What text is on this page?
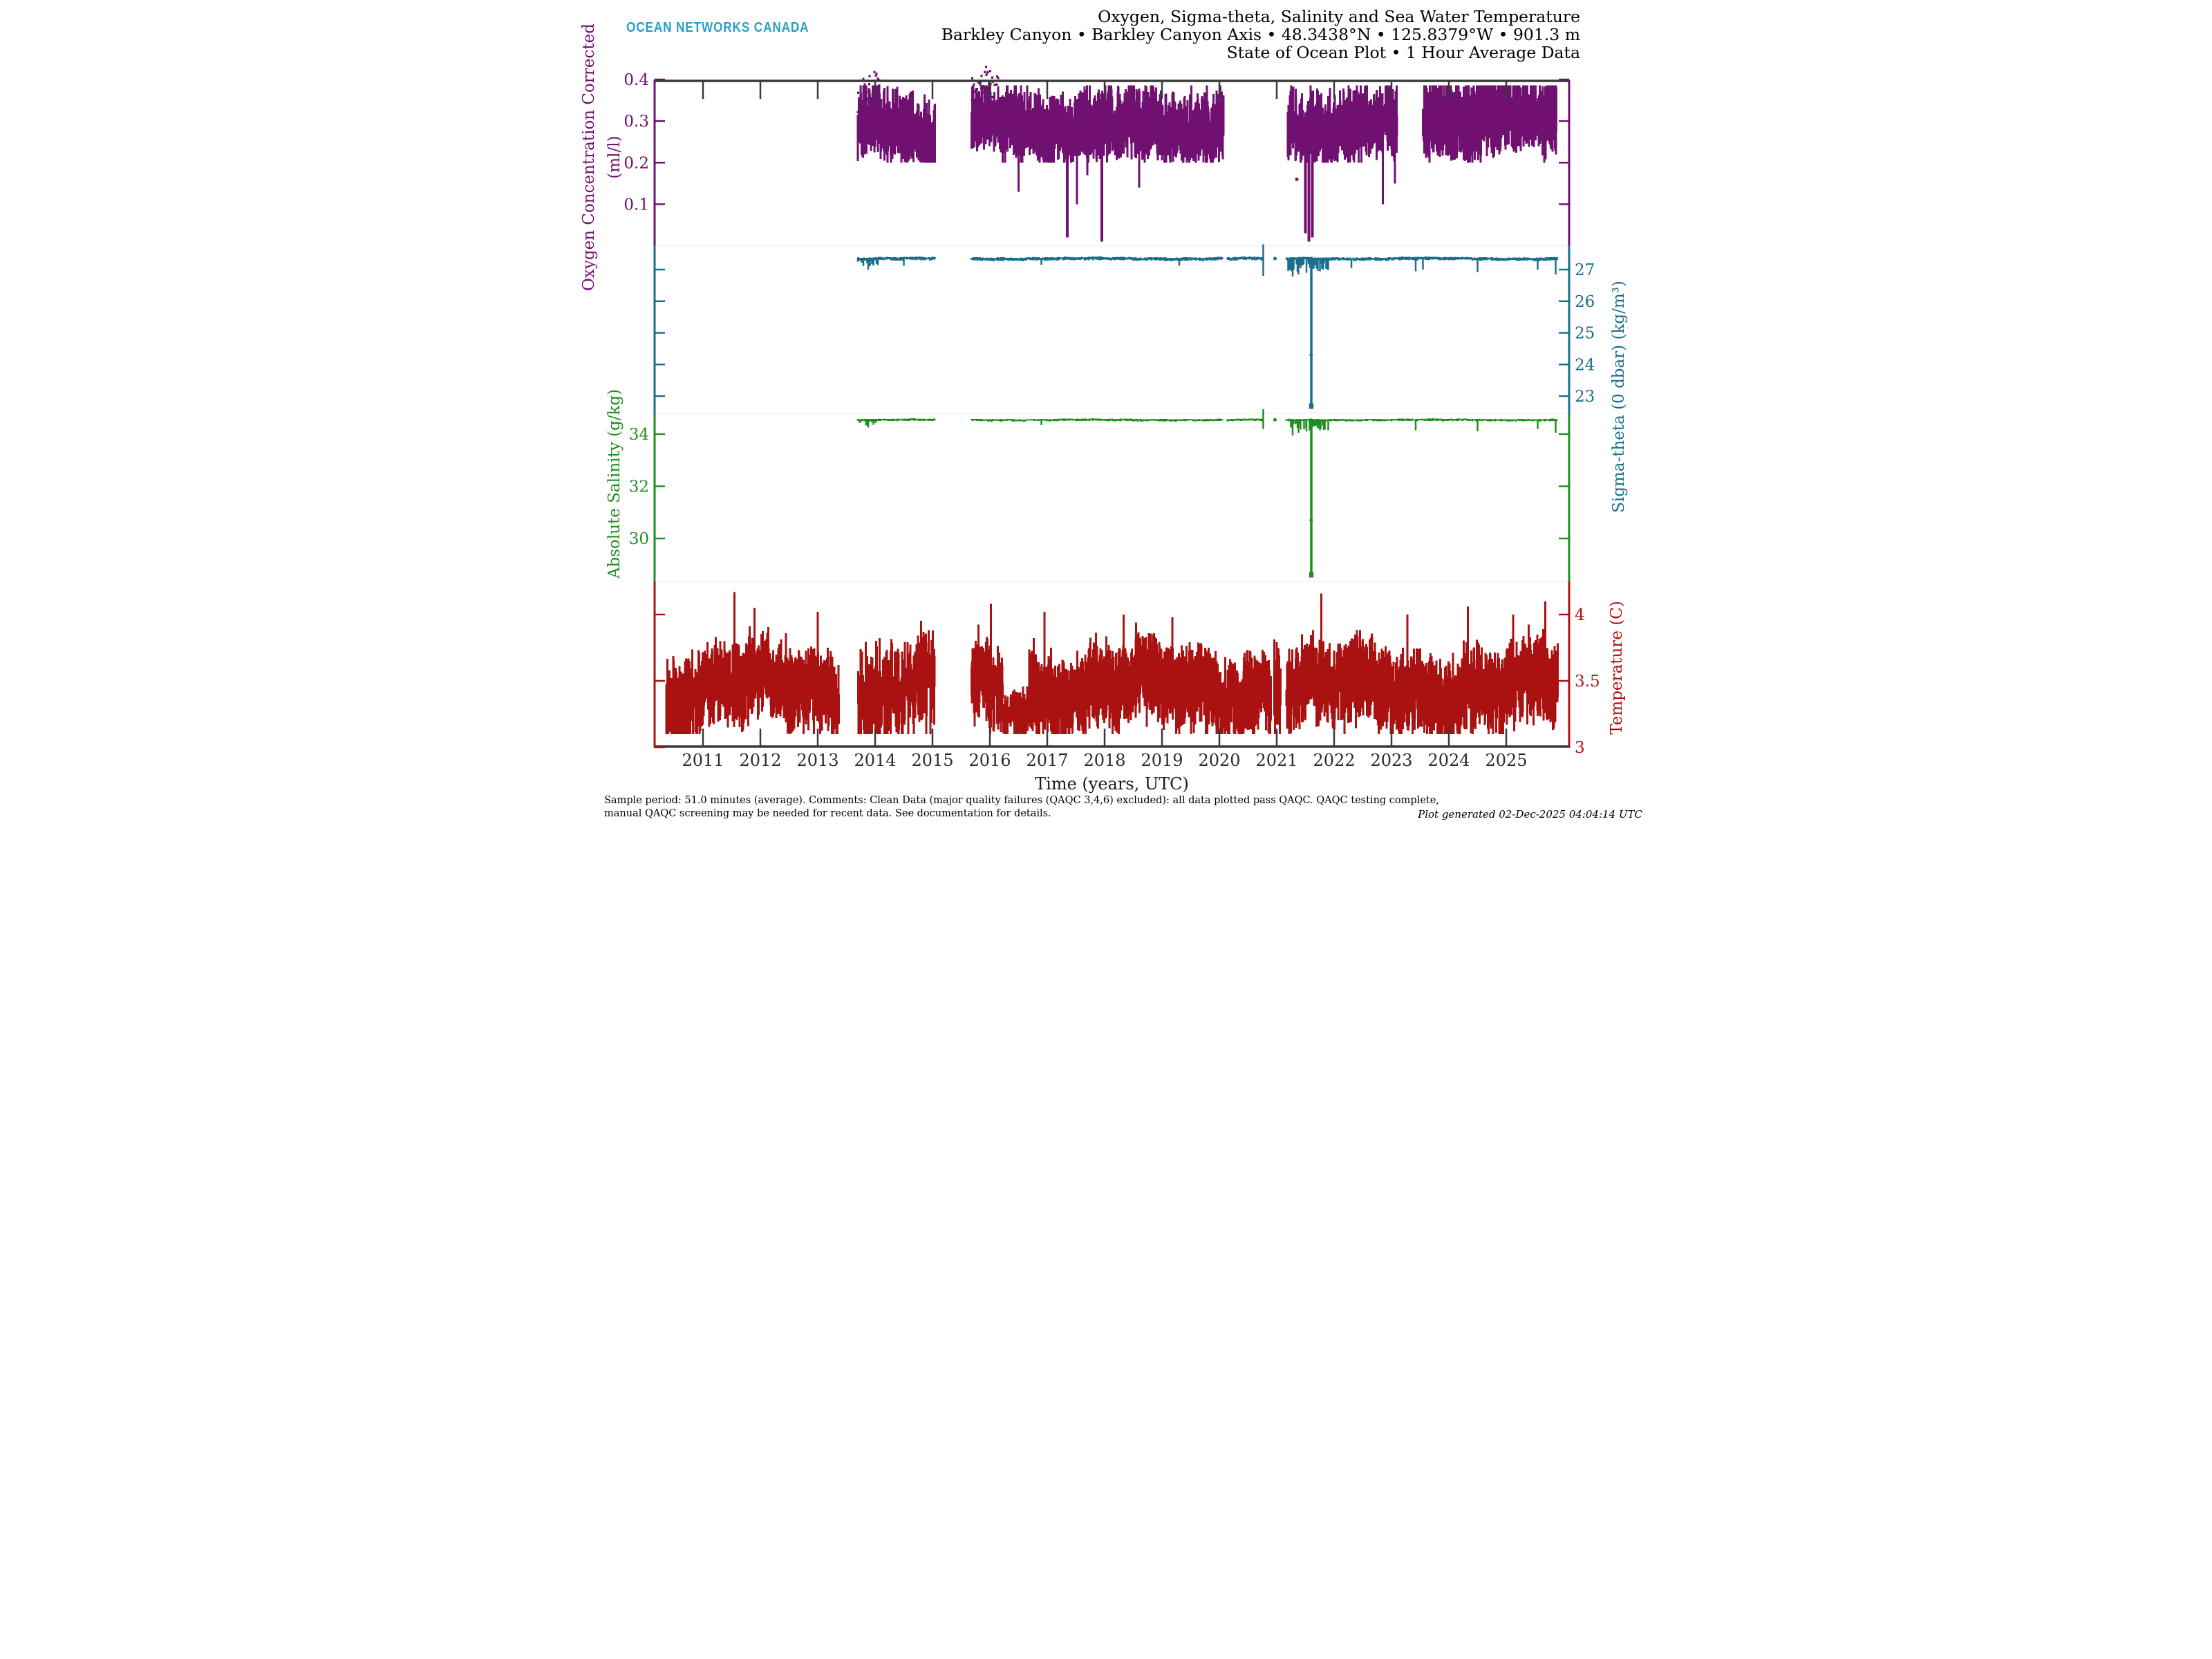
OCEAN NETWORKS CANADA
Oxygen, Sigma-theta, Salinity and Sea Water Temperature
Barkley Canyon • Barkley Canyon Axis • 48.3438°N • 125.8379°W • 901.3 m
State of Ocean Plot • 1 Hour Average Data
2011 2012 2013 2014 2015 2016 2017 2018 2019 2020 2021 2022 2023 2024 2025
0.4
0.3
0.2
0.1
27
26
25
24
23
34
32
30
4
3.5
3
Oxygen Concentration Corrected (ml/l)
Absolute Salinity (g/kg)	Sigma-theta (0 dbar) (kg/m³)
Temperature (C)
Time (years, UTC)
Sample period: 51.0 minutes (average). Comments: Clean Data (major quality failures (QAQC 3,4,6) excluded): all data plotted pass QAQC. QAQC testing complete,
manual QAQC screening may be needed for recent data. See documentation for details.	Plot generated 02-Dec-2025 04:04:14 UTC
